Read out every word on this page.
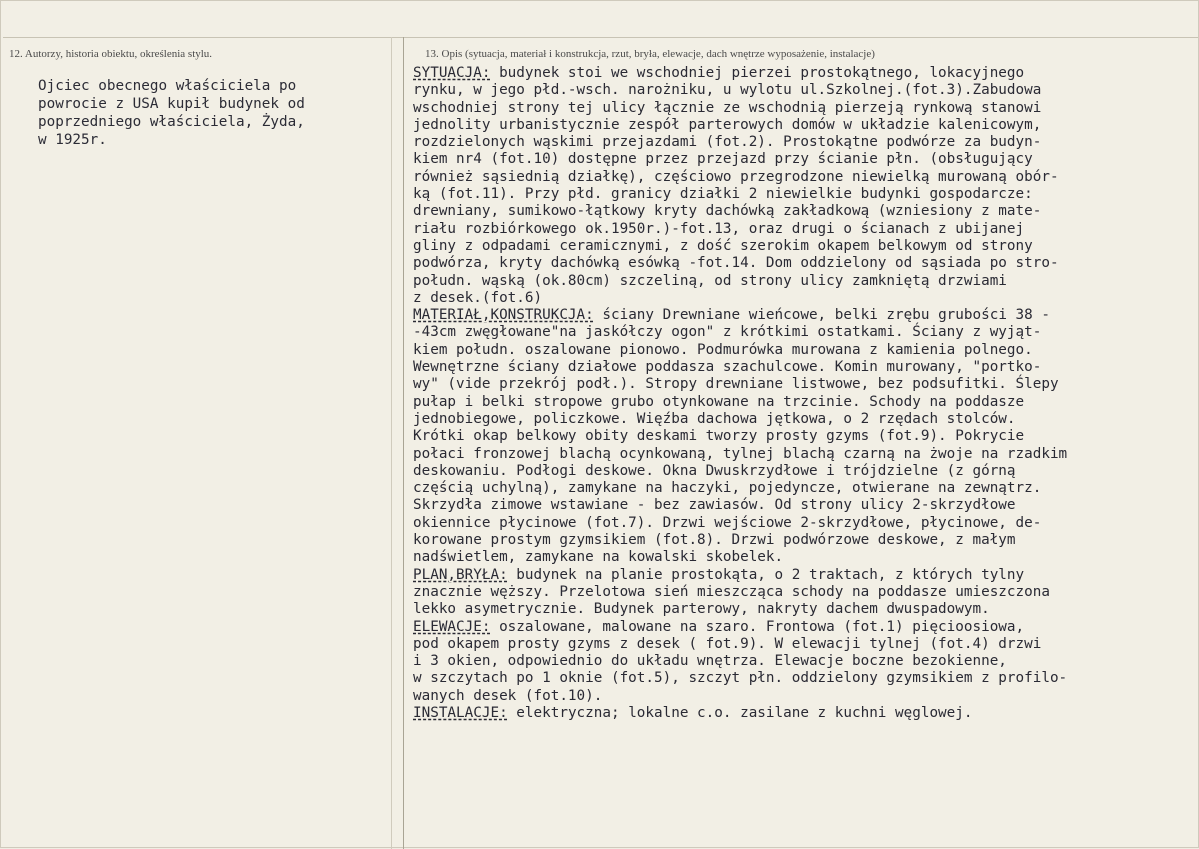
12. Autorzy, historia obiektu, określenia stylu.	13. Opis (sytuacja, materiał i konstrukcja, rzut, bryła, elewacje, dach wnętrze wyposażenie, instalacje)
Ojciec obecnego właściciela po
powrocie z USA kupił budynek od
poprzedniego właściciela, Żyda,
w 1925r.
SYTUACJA: budynek stoi we wschodniej pierzei prostokątnego, lokacyjnego
rynku, w jego płd.-wsch. narożniku, u wylotu ul.Szkolnej.(fot.3).Zabudowa
wschodniej strony tej ulicy łącznie ze wschodnią pierzeją rynkową stanowi
jednolity urbanistycznie zespół parterowych domów w układzie kalenicowym,
rozdzielonych wąskimi przejazdami (fot.2). Prostokątne podwórze za budyn-
kiem nr4 (fot.10) dostępne przez przejazd przy ścianie płn. (obsługujący
również sąsiednią działkę), częściowo przegrodzone niewielką murowaną obór-
ką (fot.11). Przy płd. granicy działki 2 niewielkie budynki gospodarcze:
drewniany, sumikowo-łątkowy kryty dachówką zakładkową (wzniesiony z mate-
riału rozbiórkowego ok.1950r.)-fot.13, oraz drugi o ścianach z ubijanej
gliny z odpadami ceramicznymi, z dość szerokim okapem belkowym od strony
podwórza, kryty dachówką esówką -fot.14. Dom oddzielony od sąsiada po stro-
połudn. wąską (ok.80cm) szczeliną, od strony ulicy zamkniętą drzwiami
z desek.(fot.6)
MATERIAŁ,KONSTRUKCJA: ściany Drewniane wieńcowe, belki zrębu grubości 38 -
-43cm zwęgłowane"na jaskółczy ogon" z krótkimi ostatkami. Ściany z wyjąt-
kiem połudn. oszalowane pionowo. Podmurówka murowana z kamienia polnego.
Wewnętrzne ściany działowe poddasza szachulcowe. Komin murowany, "portko-
wy" (vide przekrój podł.). Stropy drewniane listwowe, bez podsufitki. Ślepy
pułap i belki stropowe grubo otynkowane na trzcinie. Schody na poddasze
jednobiegowe, policzkowe. Więźba dachowa jętkowa, o 2 rzędach stolców.
Krótki okap belkowy obity deskami tworzy prosty gzyms (fot.9). Pokrycie
połaci fronzowej blachą ocynkowaną, tylnej blachą czarną na żwoje na rzadkim
deskowaniu. Podłogi deskowe. Okna Dwuskrzydłowe i trójdzielne (z górną
częścią uchylną), zamykane na haczyki, pojedyncze, otwierane na zewnątrz.
Skrzydła zimowe wstawiane - bez zawiasów. Od strony ulicy 2-skrzydłowe
okiennice płycinowe (fot.7). Drzwi wejściowe 2-skrzydłowe, płycinowe, de-
korowane prostym gzymsikiem (fot.8). Drzwi podwórzowe deskowe, z małym
nadświetlem, zamykane na kowalski skobelek.
PLAN,BRYŁA: budynek na planie prostokąta, o 2 traktach, z których tylny
znacznie węższy. Przelotowa sień mieszcząca schody na poddasze umieszczona
lekko asymetrycznie. Budynek parterowy, nakryty dachem dwuspadowym.
ELEWACJE: oszalowane, malowane na szaro. Frontowa (fot.1) pięcioosiowa,
pod okapem prosty gzyms z desek ( fot.9). W elewacji tylnej (fot.4) drzwi
i 3 okien, odpowiednio do układu wnętrza. Elewacje boczne bezokienne,
w szczytach po 1 oknie (fot.5), szczyt płn. oddzielony gzymsikiem z profilo-
wanych desek (fot.10).
INSTALACJE: elektryczna; lokalne c.o. zasilane z kuchni węglowej.
